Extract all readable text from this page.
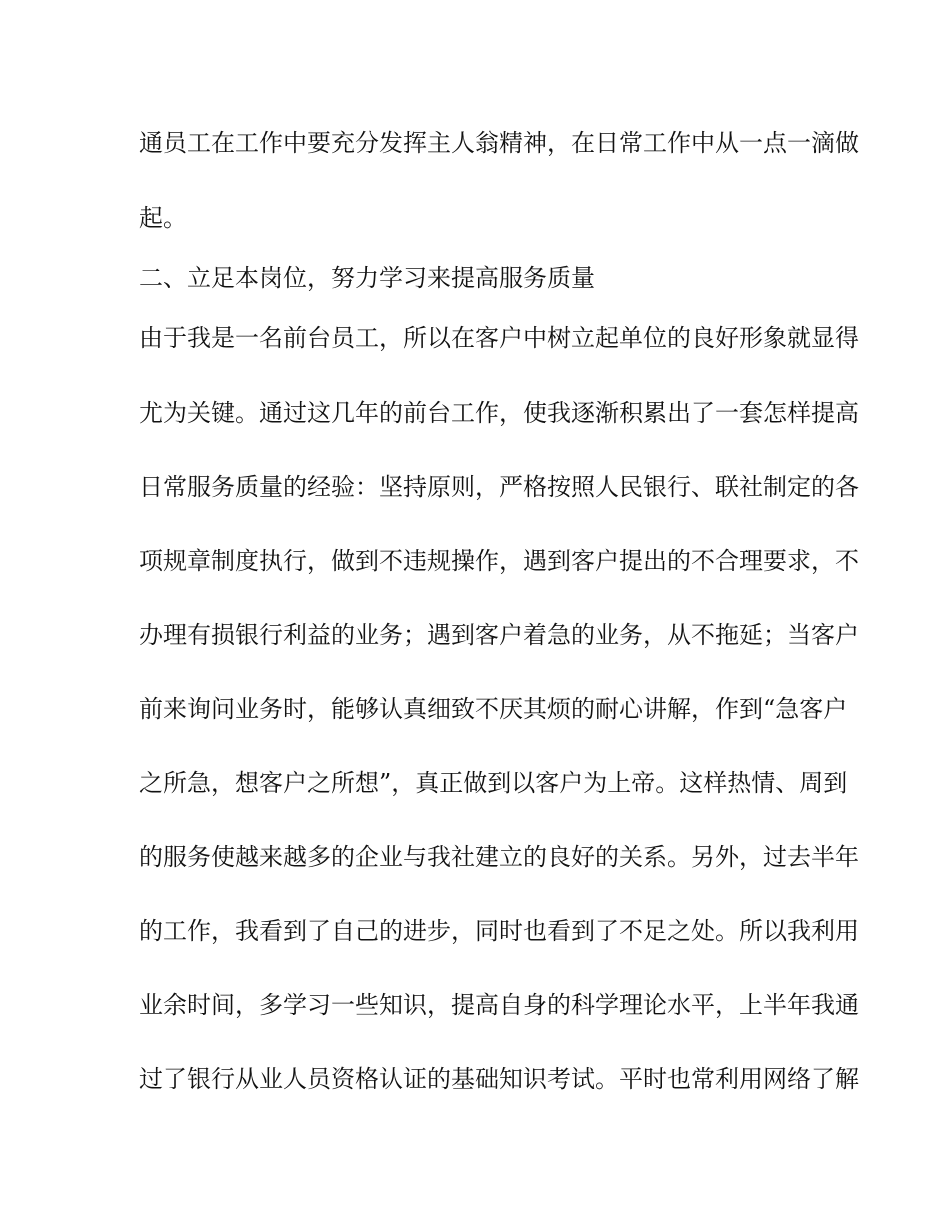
通员工在工作中要充分发挥主人翁精神，在日常工作中从一点一滴做
起。
二、立足本岗位，努力学习来提高服务质量
由于我是一名前台员工，所以在客户中树立起单位的良好形象就显得
尤为关键。通过这几年的前台工作，使我逐渐积累出了一套怎样提高
日常服务质量的经验：坚持原则，严格按照人民银行、联社制定的各
项规章制度执行，做到不违规操作，遇到客户提出的不合理要求，不
办理有损银行利益的业务；遇到客户着急的业务，从不拖延；当客户
前来询问业务时，能够认真细致不厌其烦的耐心讲解，作到“急客户
之所急，想客户之所想”，真正做到以客户为上帝。这样热情、周到
的服务使越来越多的企业与我社建立的良好的关系。另外，过去半年
的工作，我看到了自己的进步，同时也看到了不足之处。所以我利用
业余时间，多学习一些知识，提高自身的科学理论水平，上半年我通
过了银行从业人员资格认证的基础知识考试。平时也常利用网络了解
